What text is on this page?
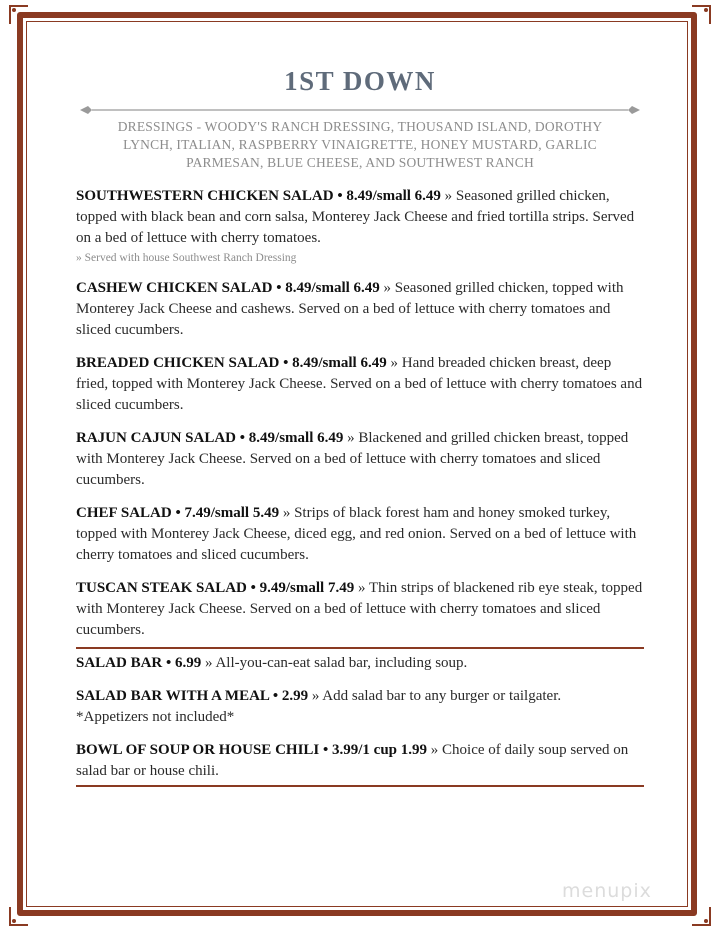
1ST DOWN
DRESSINGS - WOODY'S RANCH DRESSING, THOUSAND ISLAND, DOROTHY LYNCH, ITALIAN, RASPBERRY VINAIGRETTE, HONEY MUSTARD, GARLIC PARMESAN, BLUE CHEESE, AND SOUTHWEST RANCH
SOUTHWESTERN CHICKEN SALAD • 8.49/small 6.49 » Seasoned grilled chicken, topped with black bean and corn salsa, Monterey Jack Cheese and fried tortilla strips. Served on a bed of lettuce with cherry tomatoes.
» Served with house Southwest Ranch Dressing
CASHEW CHICKEN SALAD • 8.49/small 6.49 » Seasoned grilled chicken, topped with Monterey Jack Cheese and cashews. Served on a bed of lettuce with cherry tomatoes and sliced cucumbers.
BREADED CHICKEN SALAD • 8.49/small 6.49 » Hand breaded chicken breast, deep fried, topped with Monterey Jack Cheese. Served on a bed of lettuce with cherry tomatoes and sliced cucumbers.
RAJUN CAJUN SALAD • 8.49/small 6.49 » Blackened and grilled chicken breast, topped with Monterey Jack Cheese. Served on a bed of lettuce with cherry tomatoes and sliced cucumbers.
CHEF SALAD • 7.49/small 5.49 » Strips of black forest ham and honey smoked turkey, topped with Monterey Jack Cheese, diced egg, and red onion. Served on a bed of lettuce with cherry tomatoes and sliced cucumbers.
TUSCAN STEAK SALAD • 9.49/small 7.49 » Thin strips of blackened rib eye steak, topped with Monterey Jack Cheese. Served on a bed of lettuce with cherry tomatoes and sliced cucumbers.
SALAD BAR • 6.99 » All-you-can-eat salad bar, including soup.
SALAD BAR WITH A MEAL • 2.99 » Add salad bar to any burger or tailgater.
*Appetizers not included*
BOWL OF SOUP OR HOUSE CHILI • 3.99/1 cup 1.99 » Choice of daily soup served on salad bar or house chili.
menupix
